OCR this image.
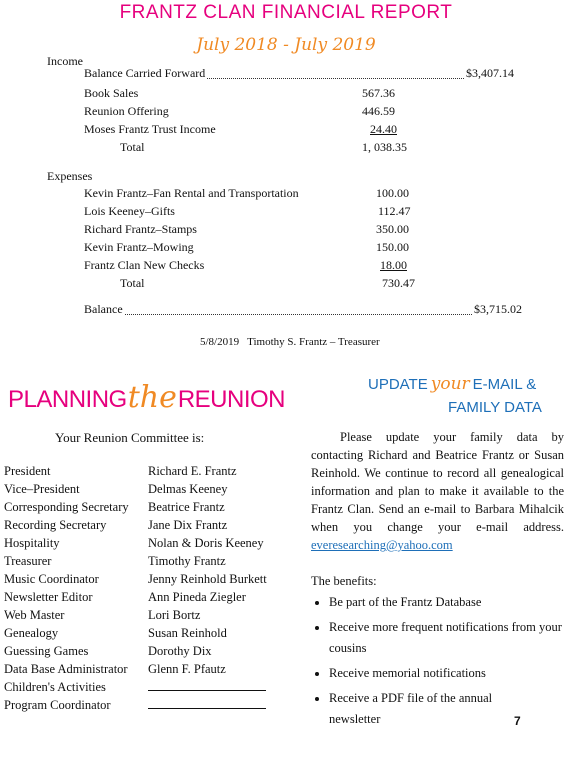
FRANTZ CLAN FINANCIAL REPORT
July 2018 - July 2019
Income
Balance Carried Forward	$3,407.14
Book Sales	567.36
Reunion Offering	446.59
Moses Frantz Trust Income	24.40
Total	1, 038.35
Expenses
Kevin Frantz–Fan Rental and Transportation	100.00
Lois Keeney–Gifts	112.47
Richard Frantz–Stamps	350.00
Kevin Frantz–Mowing	150.00
Frantz Clan New Checks	18.00
Total	730.47
Balance	$3,715.02
5/8/2019   Timothy S. Frantz – Treasurer
PLANNINGtheREUNION
Your Reunion Committee is:
President	Richard E. Frantz
Vice–President	Delmas Keeney
Corresponding Secretary	Beatrice Frantz
Recording Secretary	Jane Dix Frantz
Hospitality	Nolan & Doris Keeney
Treasurer	Timothy Frantz
Music Coordinator	Jenny Reinhold Burkett
Newsletter Editor	Ann Pineda Ziegler
Web Master	Lori Bortz
Genealogy	Susan Reinhold
Guessing Games	Dorothy Dix
Data Base Administrator	Glenn F. Pfautz
Children's Activities
Program Coordinator
UPDATE your E-MAIL &
FAMILY DATA
Please update your family data by contacting Richard and Beatrice Frantz or Susan Reinhold. We continue to record all genealogical information and plan to make it available to the Frantz Clan. Send an e-mail to Barbara Mihalcik when you change your e-mail address. everesearching@yahoo.com
The benefits:
• Be part of the Frantz Database
• Receive more frequent notifications from your cousins
• Receive memorial notifications
• Receive a PDF file of the annual newsletter	7
